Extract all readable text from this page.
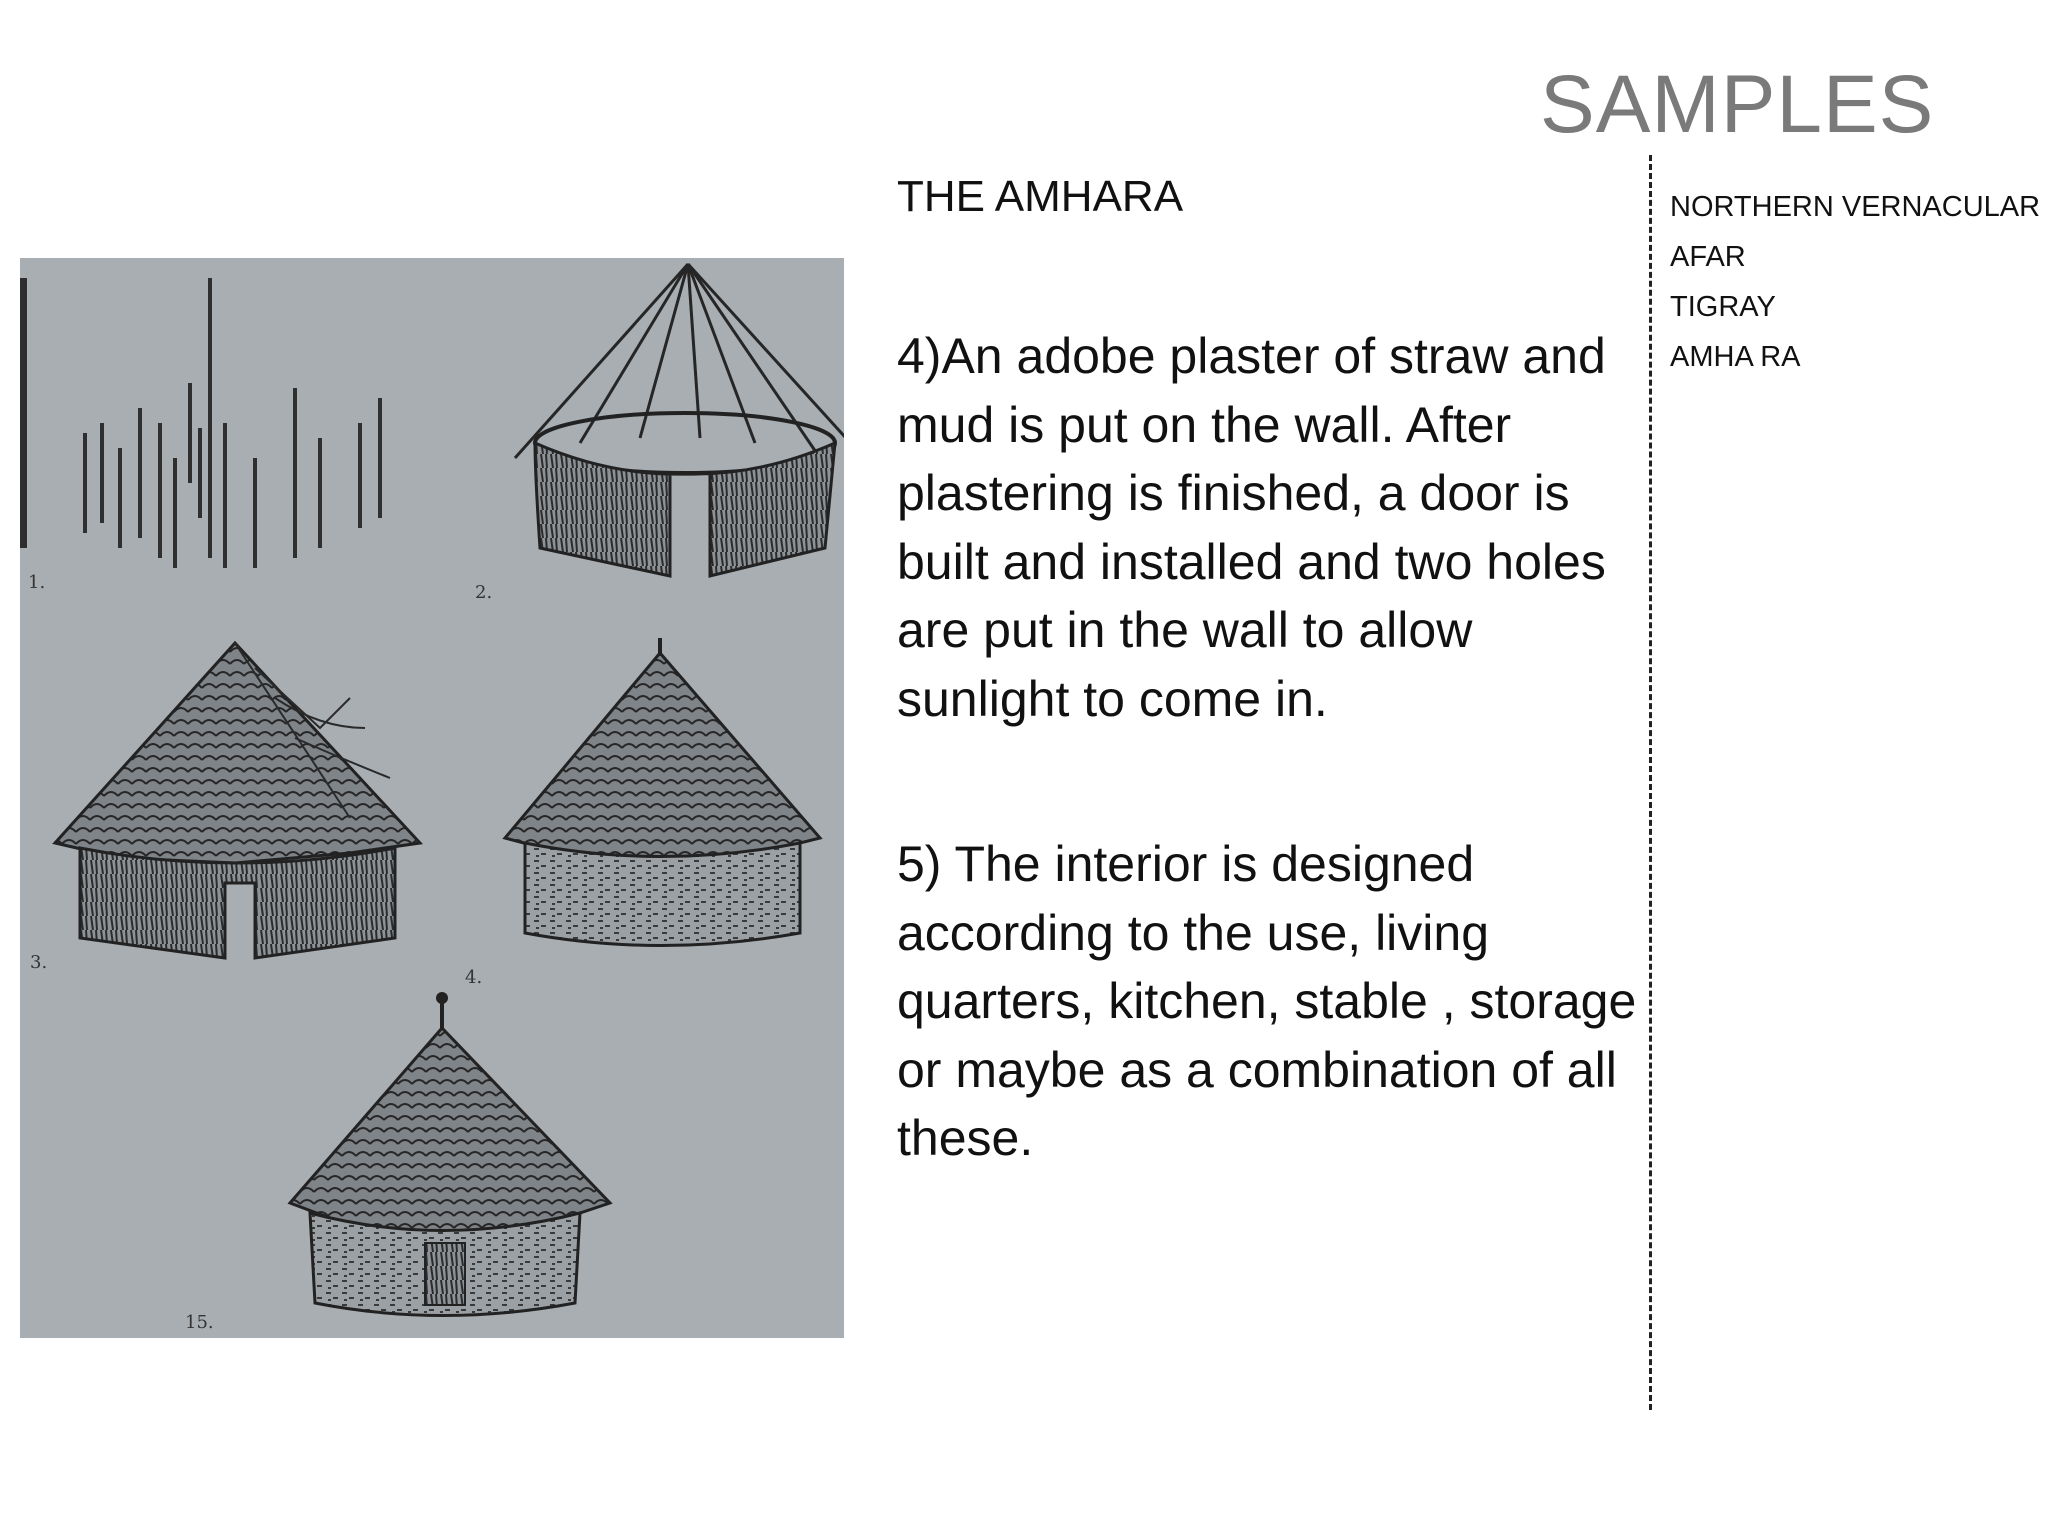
SAMPLES
NORTHERN VERNACULAR
AFAR
TIGRAY
AMHA RA
THE AMHARA

4)An adobe plaster of straw and mud is put on the wall. After plastering is finished, a door is built and installed and two holes are put in the wall to allow sunlight to come in.

5) The interior is designed according to the use, living quarters, kitchen, stable , storage or maybe as a combination of all these.

1.	2.
3.
4.
15.
